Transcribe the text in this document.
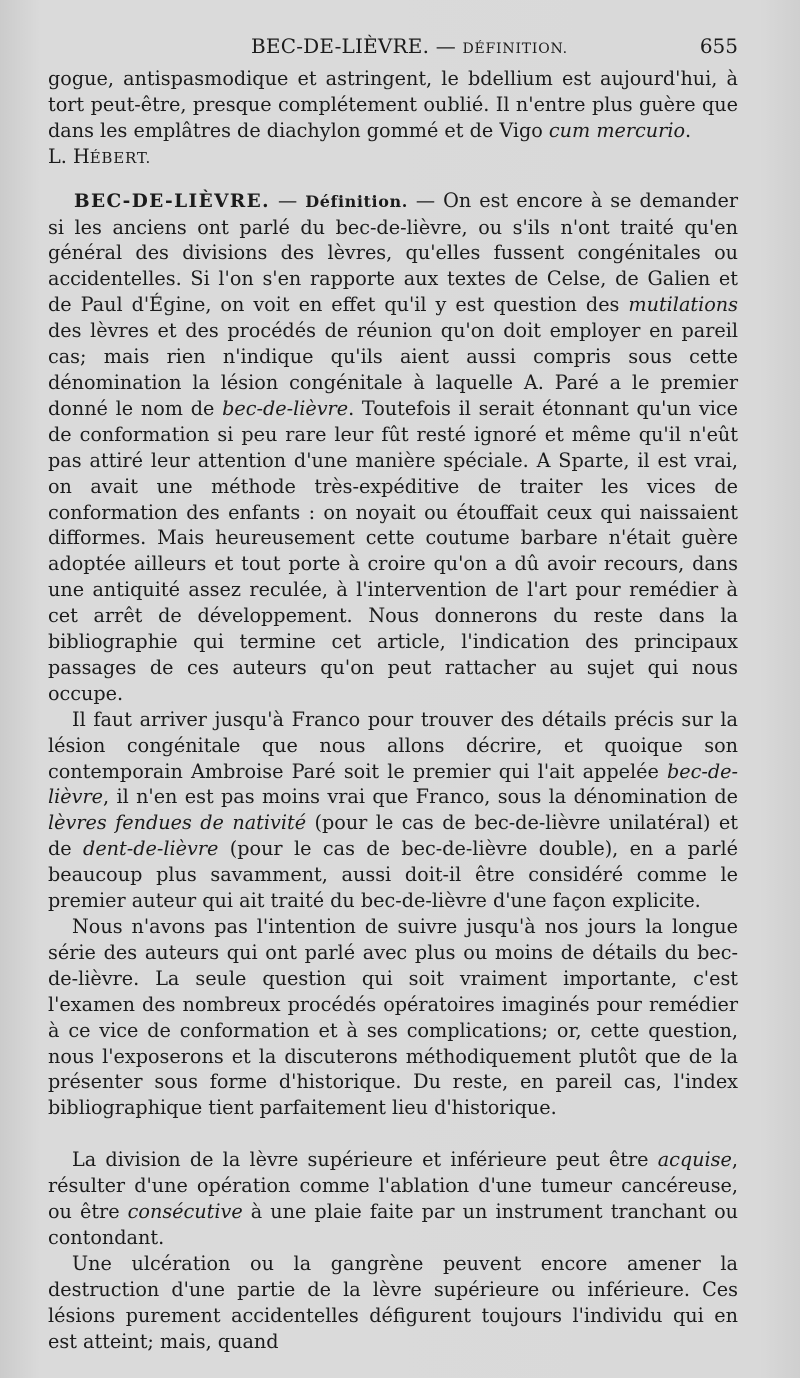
BEC-DE-LIÈVRE. — DÉFINITION.	655

gogue, antispasmodique et astringent, le bdellium est aujourd'hui, à tort peut-être, presque complétement oublié. Il n'entre plus guère que dans les emplâtres de diachylon gommé et de Vigo cum mercurio.

L. HÉBERT.

BEC-DE-LIÈVRE. — Définition. — On est encore à se demander si les anciens ont parlé du bec-de-lièvre, ou s'ils n'ont traité qu'en général des divisions des lèvres, qu'elles fussent congénitales ou accidentelles. Si l'on s'en rapporte aux textes de Celse, de Galien et de Paul d'Égine, on voit en effet qu'il y est question des mutilations des lèvres et des procédés de réunion qu'on doit employer en pareil cas; mais rien n'indique qu'ils aient aussi compris sous cette dénomination la lésion congénitale à laquelle A. Paré a le premier donné le nom de bec-de-lièvre. Toutefois il serait étonnant qu'un vice de conformation si peu rare leur fût resté ignoré et même qu'il n'eût pas attiré leur attention d'une manière spéciale. A Sparte, il est vrai, on avait une méthode très-expéditive de traiter les vices de conformation des enfants : on noyait ou étouffait ceux qui naissaient difformes. Mais heureusement cette coutume barbare n'était guère adoptée ailleurs et tout porte à croire qu'on a dû avoir recours, dans une antiquité assez reculée, à l'intervention de l'art pour remédier à cet arrêt de développement. Nous donnerons du reste dans la bibliographie qui termine cet article, l'indication des principaux passages de ces auteurs qu'on peut rattacher au sujet qui nous occupe.

Il faut arriver jusqu'à Franco pour trouver des détails précis sur la lésion congénitale que nous allons décrire, et quoique son contemporain Ambroise Paré soit le premier qui l'ait appelée bec-de-lièvre, il n'en est pas moins vrai que Franco, sous la dénomination de lèvres fendues de nativité (pour le cas de bec-de-lièvre unilatéral) et de dent-de-lièvre (pour le cas de bec-de-lièvre double), en a parlé beaucoup plus savamment, aussi doit-il être considéré comme le premier auteur qui ait traité du bec-de-lièvre d'une façon explicite.

Nous n'avons pas l'intention de suivre jusqu'à nos jours la longue série des auteurs qui ont parlé avec plus ou moins de détails du bec-de-lièvre. La seule question qui soit vraiment importante, c'est l'examen des nombreux procédés opératoires imaginés pour remédier à ce vice de conformation et à ses complications; or, cette question, nous l'exposerons et la discuterons méthodiquement plutôt que de la présenter sous forme d'historique. Du reste, en pareil cas, l'index bibliographique tient parfaitement lieu d'historique.

La division de la lèvre supérieure et inférieure peut être acquise, résulter d'une opération comme l'ablation d'une tumeur cancéreuse, ou être consécutive à une plaie faite par un instrument tranchant ou contondant.

Une ulcération ou la gangrène peuvent encore amener la destruction d'une partie de la lèvre supérieure ou inférieure. Ces lésions purement accidentelles défigurent toujours l'individu qui en est atteint; mais, quand
